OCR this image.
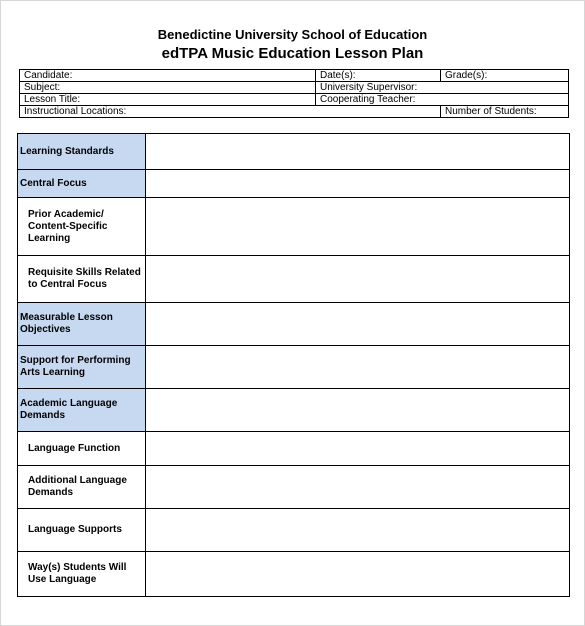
Benedictine University School of Education
edTPA Music Education Lesson Plan
Candidate:	Date(s):	Grade(s):
Subject:	University Supervisor:	
Lesson Title:	Cooperating Teacher:	
Instructional Locations:		Number of Students:
Learning Standards	

Central Focus	

Prior Academic/ Content-Specific Learning	

Requisite Skills Related to Central Focus	

Measurable Lesson Objectives	

Support for Performing Arts Learning	

Academic Language Demands	

Language Function	

Additional Language Demands	

Language Supports	

Way(s) Students Will Use Language	
